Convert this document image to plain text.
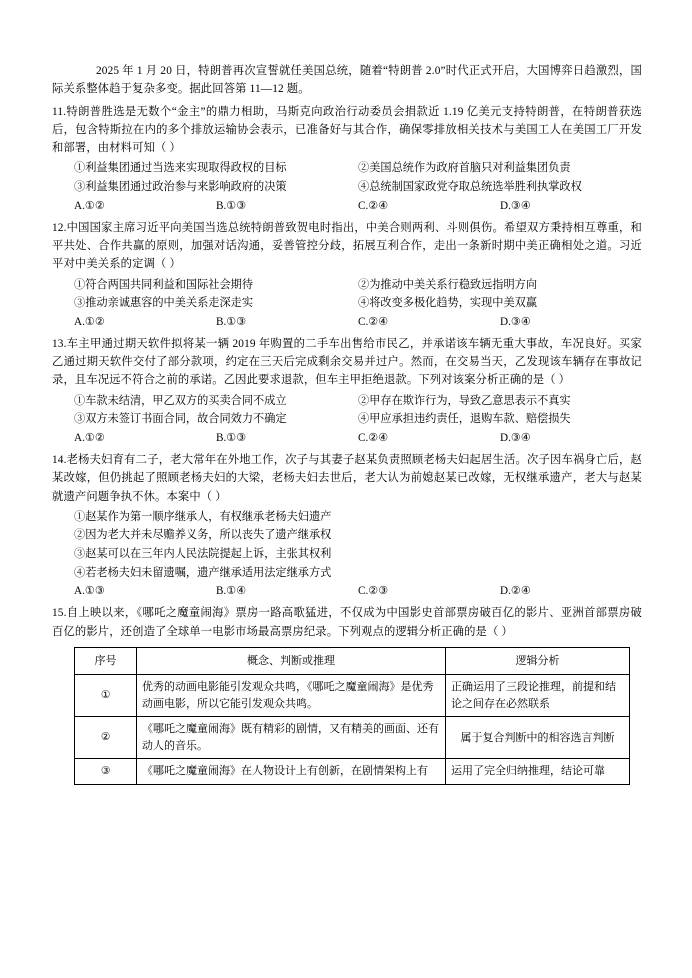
2025 年 1 月 20 日，特朗普再次宣誓就任美国总统，随着“特朗普 2.0”时代正式开启，大国博弈日趋激烈，国际关系整体趋于复杂多变。据此回答第 11—12 题。

11.特朗普胜选是无数个“金主”的鼎力相助，马斯克向政治行动委员会捐款近 1.19 亿美元支持特朗普，在特朗普获选后，包含特斯拉在内的多个排放运输协会表示，已准备好与其合作，确保零排放相关技术与美国工人在美国工厂开发和部署，由材料可知（ ）

①利益集团通过当选来实现取得政权的目标	②美国总统作为政府首脑只对利益集团负责
③利益集团通过政治参与来影响政府的决策	④总统制国家政党夺取总统选举胜利执掌政权
A.①②	B.①③	C.②④	D.③④

12.中国国家主席习近平向美国当选总统特朗普致贺电时指出，中美合则两利、斗则俱伤。希望双方秉持相互尊重，和平共处、合作共赢的原则，加强对话沟通，妥善管控分歧，拓展互利合作，走出一条新时期中美正确相处之道。习近平对中美关系的定调（ ）

①符合两国共同利益和国际社会期待	②为推动中美关系行稳致远指明方向
③推动亲诚惠容的中美关系走深走实	④将改变多极化趋势，实现中美双赢
A.①②	B.①③	C.②④	D.③④

13.车主甲通过期天软件拟将某一辆 2019 年购置的二手车出售给市民乙，并承诺该车辆无重大事故，车况良好。买家乙通过期天软件交付了部分款项，约定在三天后完成剩余交易并过户。然而，在交易当天，乙发现该车辆存在事故记录，且车况远不符合之前的承诺。乙因此要求退款，但车主甲拒绝退款。下列对该案分析正确的是（ ）

①车款未结清，甲乙双方的买卖合同不成立	②甲存在欺诈行为，导致乙意思表示不真实
③双方未签订书面合同，故合同效力不确定	④甲应承担违约责任，退购车款、赔偿损失
A.①②	B.①③	C.②④	D.③④

14.老杨夫妇育有二子，老大常年在外地工作，次子与其妻子赵某负责照顾老杨夫妇起居生活。次子因车祸身亡后，赵某改嫁，但仍挑起了照顾老杨夫妇的大梁，老杨夫妇去世后，老大认为前媳赵某已改嫁，无权继承遗产，老大与赵某就遗产问题争执不休。本案中（ ）

①赵某作为第一顺序继承人，有权继承老杨夫妇遗产
②因为老大并未尽赡养义务，所以丧失了遗产继承权
③赵某可以在三年内人民法院提起上诉，主张其权利
④若老杨夫妇未留遗嘱，遗产继承适用法定继承方式
A.①③	B.①④	C.②③	D.②④

15.自上映以来，《哪吒之魔童闹海》票房一路高歌猛进，不仅成为中国影史首部票房破百亿的影片、亚洲首部票房破百亿的影片，还创造了全球单一电影市场最高票房纪录。下列观点的逻辑分析正确的是（ ）

序号	概念、判断或推理	逻辑分析
①	优秀的动画电影能引发观众共鸣，《哪吒之魔童闹海》是优秀动画电影，所以它能引发观众共鸣。	正确运用了三段论推理，前提和结论之间存在必然联系
②	《哪吒之魔童闹海》既有精彩的剧情，又有精美的画面、还有动人的音乐。	属于复合判断中的相容选言判断
③	《哪吒之魔童闹海》在人物设计上有创新，在剧情架构上有	运用了完全归纳推理，结论可靠
